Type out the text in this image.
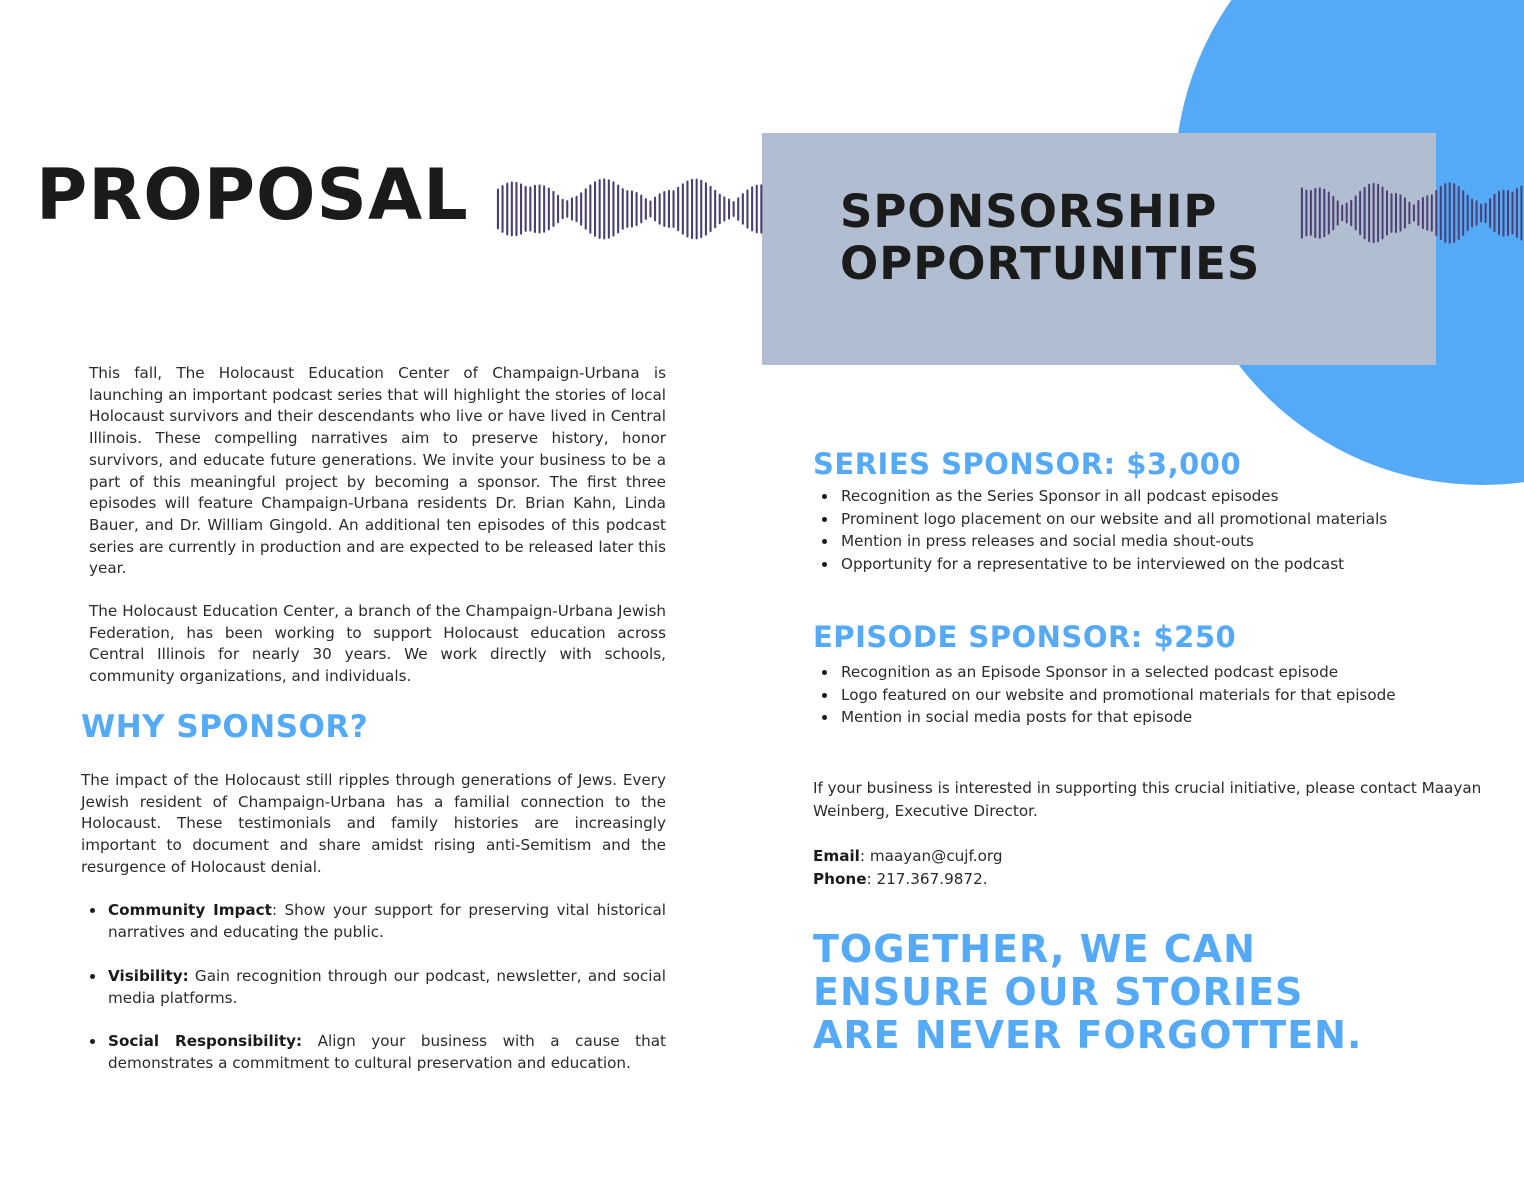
PROPOSAL	SPONSORSHIP
OPPORTUNITIES

This fall, The Holocaust Education Center of Champaign-Urbana is launching an important podcast series that will highlight the stories of local Holocaust survivors and their descendants who live or have lived in Central Illinois. These compelling narratives aim to preserve history, honor survivors, and educate future generations. We invite your business to be a part of this meaningful project by becoming a sponsor. The first three episodes will feature Champaign-Urbana residents Dr. Brian Kahn, Linda Bauer, and Dr. William Gingold. An additional ten episodes of this podcast series are currently in production and are expected to be released later this year.

The Holocaust Education Center, a branch of the Champaign-Urbana Jewish Federation, has been working to support Holocaust education across Central Illinois for nearly 30 years. We work directly with schools, community organizations, and individuals.

WHY SPONSOR?

The impact of the Holocaust still ripples through generations of Jews. Every Jewish resident of Champaign-Urbana has a familial connection to the Holocaust. These testimonials and family histories are increasingly important to document and share amidst rising anti-Semitism and the resurgence of Holocaust denial.

Community Impact: Show your support for preserving vital historical narratives and educating the public.
Visibility: Gain recognition through our podcast, newsletter, and social media platforms.
Social Responsibility: Align your business with a cause that demonstrates a commitment to cultural preservation and education.
SERIES SPONSOR: $3,000
Recognition as the Series Sponsor in all podcast episodes
Prominent logo placement on our website and all promotional materials
Mention in press releases and social media shout-outs
Opportunity for a representative to be interviewed on the podcast
EPISODE SPONSOR: $250
Recognition as an Episode Sponsor in a selected podcast episode
Logo featured on our website and promotional materials for that episode
Mention in social media posts for that episode

If your business is interested in supporting this crucial initiative, please contact Maayan Weinberg, Executive Director.

Email: maayan@cujf.org
Phone: 217.367.9872.

TOGETHER, WE CAN
ENSURE OUR STORIES
ARE NEVER FORGOTTEN.
